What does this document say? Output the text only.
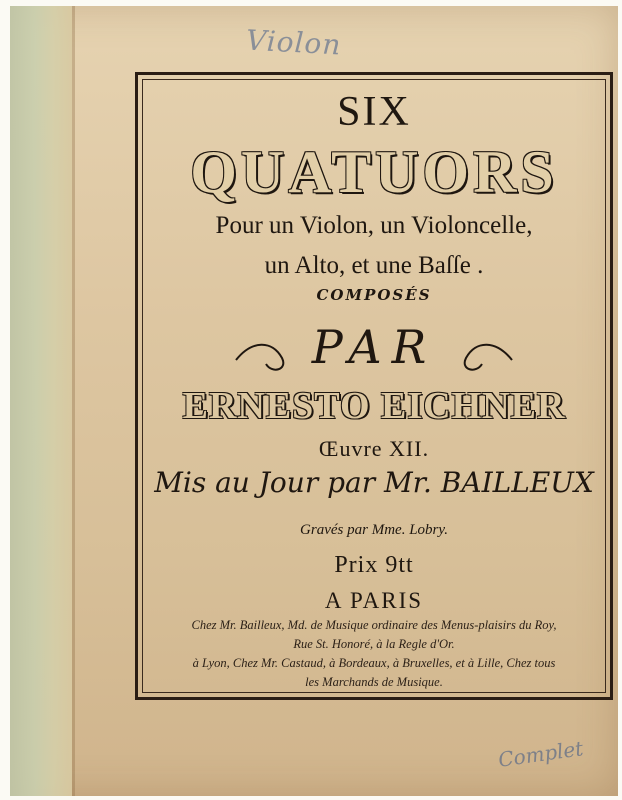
Violon
Complet
SIX
QUATUORS
Pour un Violon, un Violoncelle,
un Alto, et une Baſſe .
COMPOSÉS
PAR
ERNESTO EICHNER
Œuvre XII.
Mis au Jour par Mr. BAILLEUX
Gravés par Mme. Lobry.
Prix 9tt
A PARIS
Chez Mr. Bailleux, Md. de Musique ordinaire des Menus-plaisirs du Roy,
Rue St. Honoré, à la Regle d'Or.
à Lyon, Chez Mr. Castaud, à Bordeaux, à Bruxelles, et à Lille, Chez tous
les Marchands de Musique.
